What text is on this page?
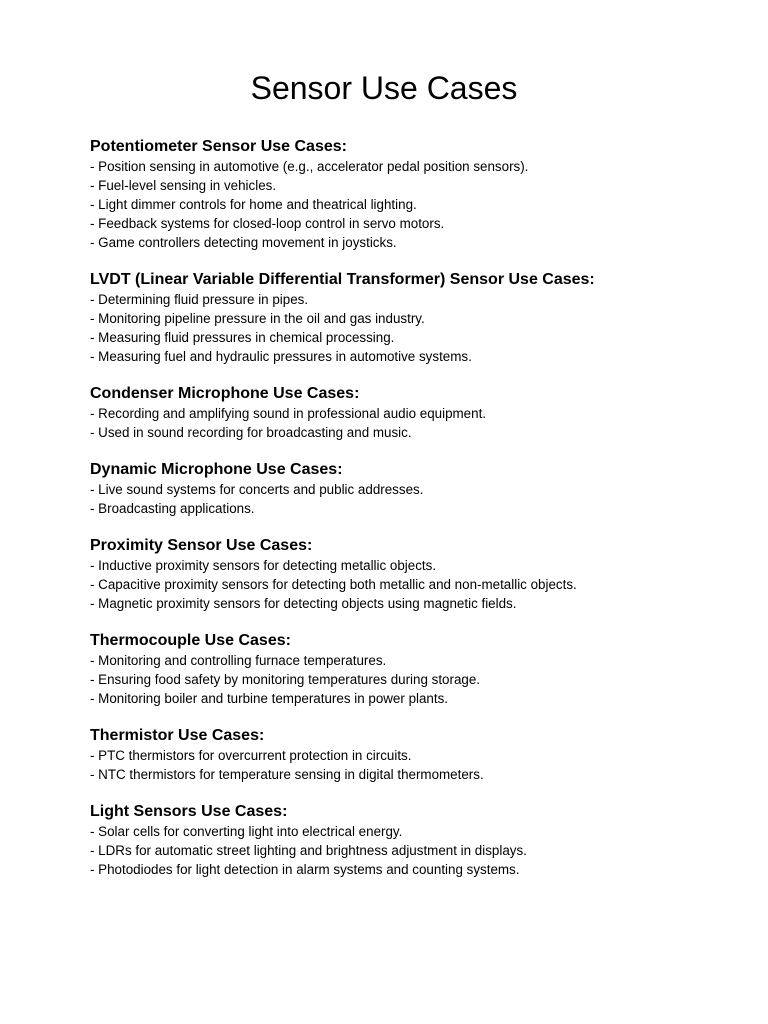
Sensor Use Cases
Potentiometer Sensor Use Cases:
- Position sensing in automotive (e.g., accelerator pedal position sensors).
- Fuel-level sensing in vehicles.
- Light dimmer controls for home and theatrical lighting.
- Feedback systems for closed-loop control in servo motors.
- Game controllers detecting movement in joysticks.
LVDT (Linear Variable Differential Transformer) Sensor Use Cases:
- Determining fluid pressure in pipes.
- Monitoring pipeline pressure in the oil and gas industry.
- Measuring fluid pressures in chemical processing.
- Measuring fuel and hydraulic pressures in automotive systems.
Condenser Microphone Use Cases:
- Recording and amplifying sound in professional audio equipment.
- Used in sound recording for broadcasting and music.
Dynamic Microphone Use Cases:
- Live sound systems for concerts and public addresses.
- Broadcasting applications.
Proximity Sensor Use Cases:
- Inductive proximity sensors for detecting metallic objects.
- Capacitive proximity sensors for detecting both metallic and non-metallic objects.
- Magnetic proximity sensors for detecting objects using magnetic fields.
Thermocouple Use Cases:
- Monitoring and controlling furnace temperatures.
- Ensuring food safety by monitoring temperatures during storage.
- Monitoring boiler and turbine temperatures in power plants.
Thermistor Use Cases:
- PTC thermistors for overcurrent protection in circuits.
- NTC thermistors for temperature sensing in digital thermometers.
Light Sensors Use Cases:
- Solar cells for converting light into electrical energy.
- LDRs for automatic street lighting and brightness adjustment in displays.
- Photodiodes for light detection in alarm systems and counting systems.
